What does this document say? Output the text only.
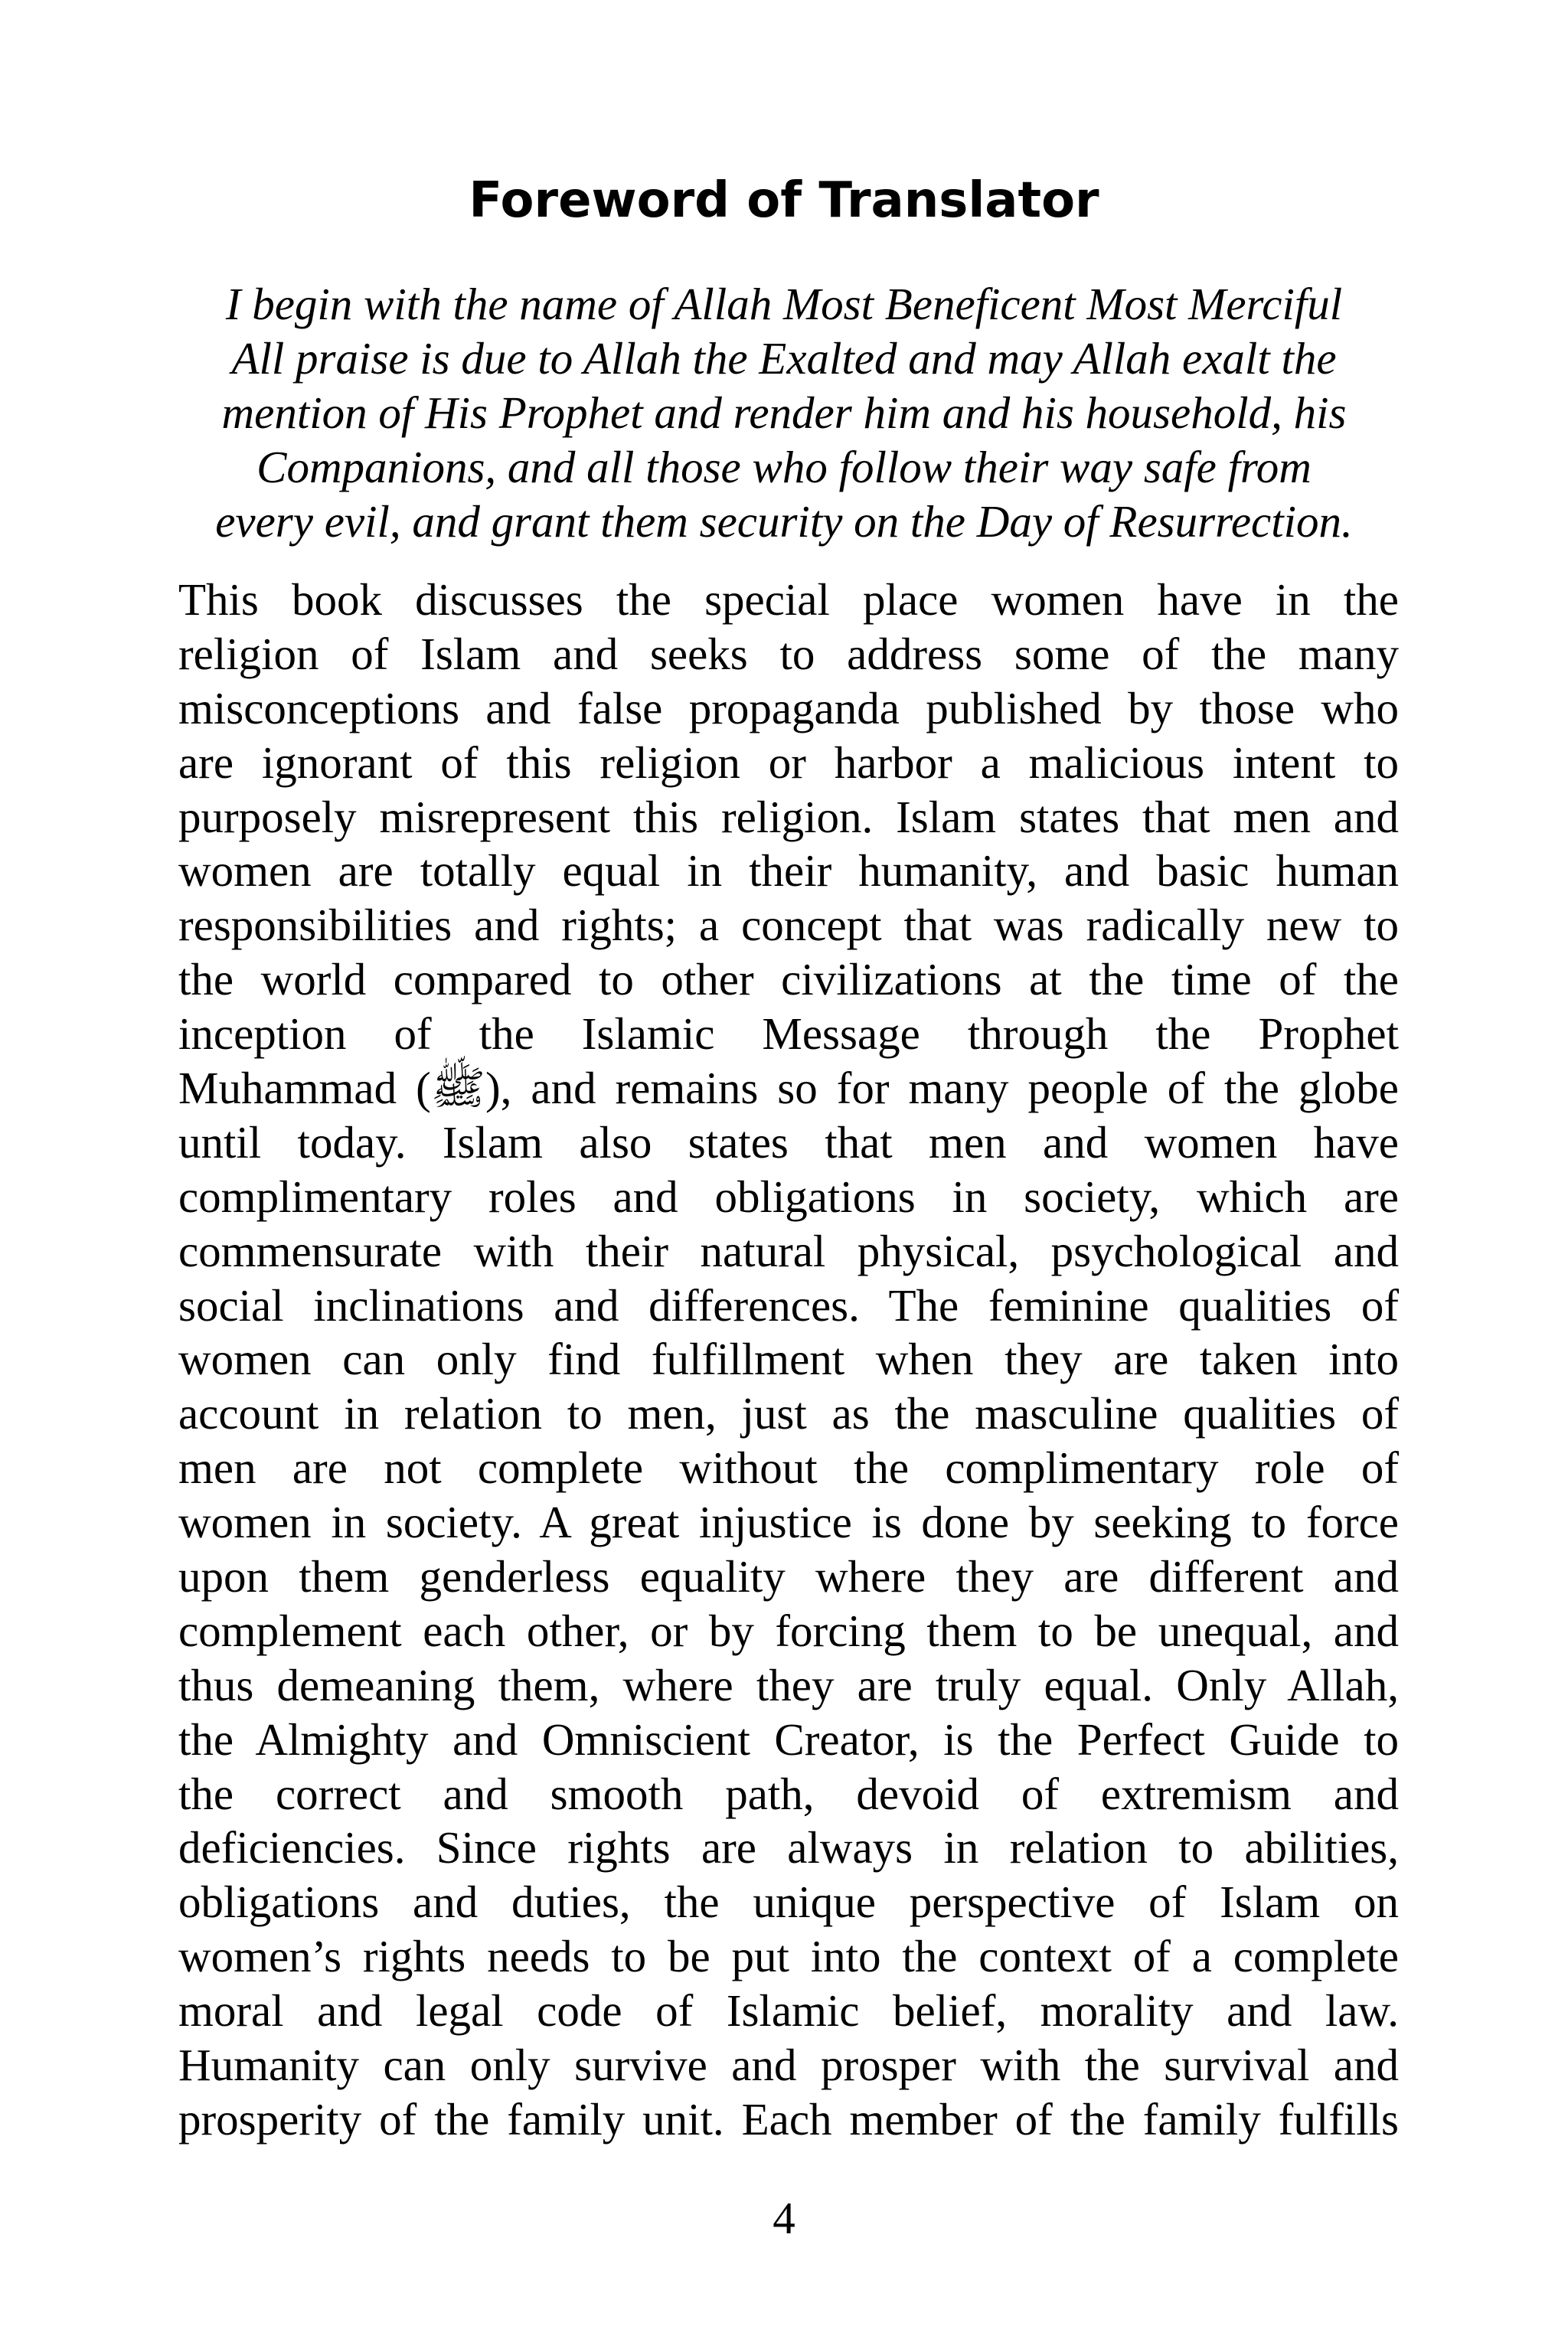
Foreword of Translator
I begin with the name of Allah Most Beneficent Most Merciful
All praise is due to Allah the Exalted and may Allah exalt the
mention of His Prophet and render him and his household, his
Companions, and all those who follow their way safe from
every evil, and grant them security on the Day of Resurrection.
This book discusses the special place women have in the
religion of Islam and seeks to address some of the many
misconceptions and false propaganda published by those who
are ignorant of this religion or harbor a malicious intent to
purposely misrepresent this religion. Islam states that men and
women are totally equal in their humanity, and basic human
responsibilities and rights; a concept that was radically new to
the world compared to other civilizations at the time of the
inception of the Islamic Message through the Prophet
Muhammad (ﷺ), and remains so for many people of the globe
until today. Islam also states that men and women have
complimentary roles and obligations in society, which are
commensurate with their natural physical, psychological and
social inclinations and differences. The feminine qualities of
women can only find fulfillment when they are taken into
account in relation to men, just as the masculine qualities of
men are not complete without the complimentary role of
women in society. A great injustice is done by seeking to force
upon them genderless equality where they are different and
complement each other, or by forcing them to be unequal, and
thus demeaning them, where they are truly equal. Only Allah,
the Almighty and Omniscient Creator, is the Perfect Guide to
the correct and smooth path, devoid of extremism and
deficiencies. Since rights are always in relation to abilities,
obligations and duties, the unique perspective of Islam on
women’s rights needs to be put into the context of a complete
moral and legal code of Islamic belief, morality and law.
Humanity can only survive and prosper with the survival and
prosperity of the family unit. Each member of the family fulfills
4
